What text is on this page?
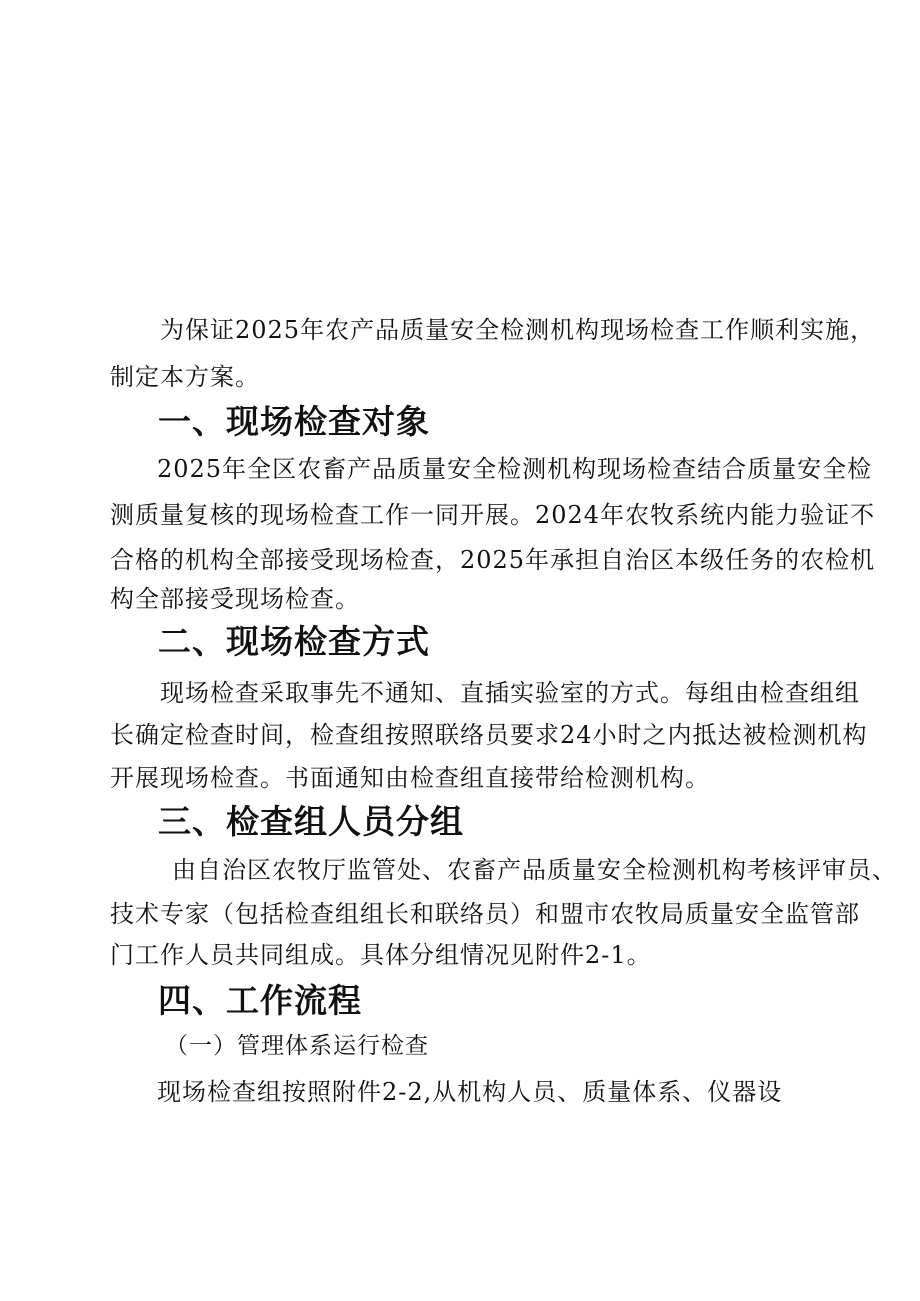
为保证2025年农产品质量安全检测机构现场检查工作顺利实施，
制定本方案。
一、现场检查对象
2025年全区农畜产品质量安全检测机构现场检查结合质量安全检
测质量复核的现场检查工作一同开展。2024年农牧系统内能力验证不
合格的机构全部接受现场检查，2025年承担自治区本级任务的农检机
构全部接受现场检查。
二、现场检查方式
现场检查采取事先不通知、直插实验室的方式。每组由检查组组
长确定检查时间，检查组按照联络员要求24小时之内抵达被检测机构
开展现场检查。书面通知由检查组直接带给检测机构。
三、检查组人员分组
由自治区农牧厅监管处、农畜产品质量安全检测机构考核评审员、
技术专家（包括检查组组长和联络员）和盟市农牧局质量安全监管部
门工作人员共同组成。具体分组情况见附件2-1。
四、工作流程
（一）管理体系运行检查
现场检查组按照附件2-2,从机构人员、质量体系、仪器设
